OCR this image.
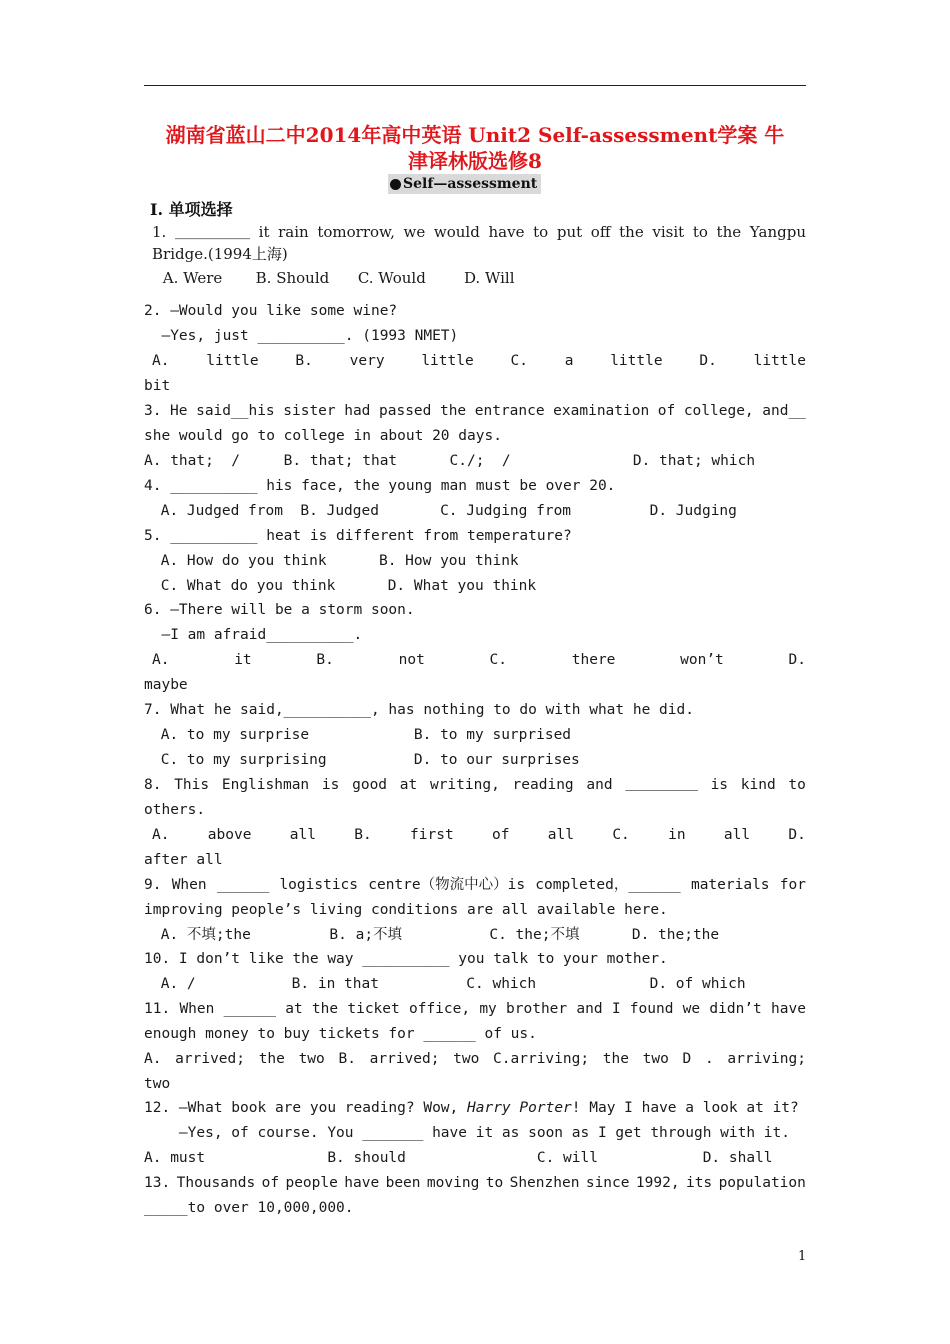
湖南省蓝山二中2014年高中英语 Unit2 Self-assessment学案 牛
津译林版选修8
Self—assessment
I. 单项选择
1. ＿＿＿＿＿ it rain tomorrow, we would have to put off the visit to the Yangpu
Bridge.(1994上海)
A. Were       B. Should      C. Would        D. Will
2. —Would you like some wine?
—Yes, just __________. (1993 NMET)
A.	little	B.	very	little	C.	a	little	D.	little
bit
3. He said__his sister had passed the entrance examination of college, and__
she would go to college in about 20 days.
A. that;  /     B. that; that      C./;  /              D. that; which
4. __________ his face, the young man must be over 20.
A. Judged from  B. Judged       C. Judging from         D. Judging
5. __________ heat is different from temperature?
A. How do you think      B. How you think
C. What do you think      D. What you think
6. —There will be a storm soon.
—I am afraid__________.
A.	it	B.	not	C.	there	won’t	D.
maybe
7. What he said,__________, has nothing to do with what he did.
A. to my surprise            B. to my surprised
C. to my surprising          D. to our surprises
8. This Englishman is good at writing, reading and ＿＿＿＿＿ is kind to
others.
A.	above	all	B.	first	of	all	C.	in	all	D.
after all
9. When ______ logistics centre（物流中心）is completed，______ materials for
improving people’s living conditions are all available here.
A. 不填;the         B. a;不填          C. the;不填      D. the;the
10. I don’t like the way __________ you talk to your mother.
A. /           B. in that          C. which             D. of which
11. When ______ at the ticket office, my brother and I found we didn’t have
enough money to buy tickets for ______ of us.
A. arrived; the two B. arrived; two C.arriving; the two D . arriving;
two
12. —What book are you reading? Wow, Harry Porter! May I have a look at it?
—Yes, of course. You _______ have it as soon as I get through with it.
A. must              B. should               C. will            D. shall
13. Thousands of people have been moving to Shenzhen since 1992, its population
_____to over 10,000,000.
1
